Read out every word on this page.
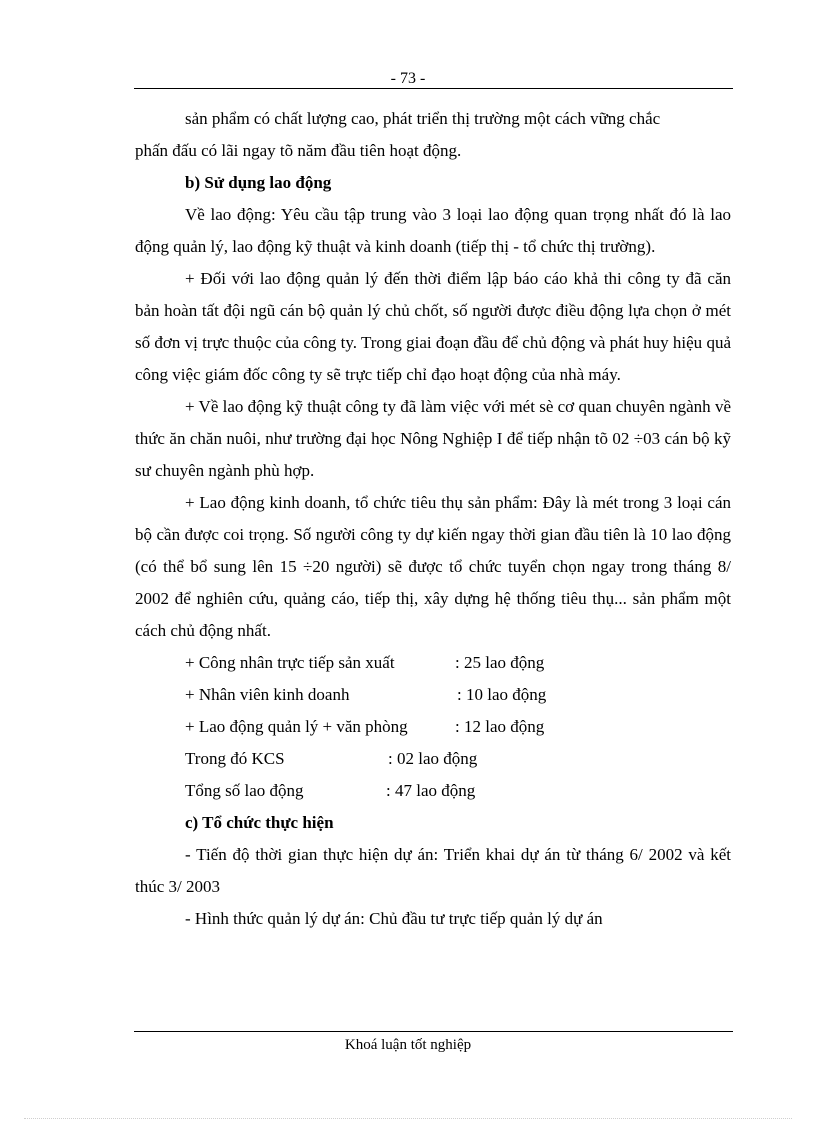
- 73 -

sản phẩm có chất lượng cao, phát triển thị trường một cách vững chắc

phấn đấu có lãi ngay tõ năm đầu tiên hoạt động.

b) Sử dụng lao động

Về lao động: Yêu cầu tập trung vào 3 loại lao động quan trọng nhất đó là lao động quản lý, lao động kỹ thuật và kinh doanh (tiếp thị - tổ chức thị trường).

+ Đối với lao động quản lý đến thời điểm lập báo cáo khả thi công ty đã căn bản hoàn tất đội ngũ cán bộ quản lý chủ chốt, số người được điều động lựa chọn ở mét số đơn vị trực thuộc của công ty. Trong giai đoạn đầu để chủ động và phát huy hiệu quả công việc giám đốc công ty sẽ trực tiếp chỉ đạo hoạt động của nhà máy.

+ Về lao động kỹ thuật công ty đã làm việc với mét sè cơ quan chuyên ngành về thức ăn chăn nuôi, như trường đại học Nông Nghiệp I để tiếp nhận tõ 02 ÷03 cán bộ kỹ sư chuyên ngành phù hợp.

+ Lao động kinh doanh, tổ chức tiêu thụ sản phẩm: Đây là mét trong 3 loại cán bộ cần được coi trọng. Số người công ty dự kiến ngay thời gian đầu tiên là 10 lao động (có thể bổ sung lên 15 ÷20 người) sẽ được tổ chức tuyển chọn ngay trong tháng 8/ 2002 để nghiên cứu, quảng cáo, tiếp thị, xây dựng hệ thống tiêu thụ... sản phẩm một cách chủ động nhất.

+ Công nhân trực tiếp sản xuất	: 25 lao động
+ Nhân viên kinh doanh	: 10 lao động
+ Lao động quản lý + văn phòng	: 12 lao động
Trong đó KCS	: 02 lao động
Tổng số lao động	: 47 lao động

c) Tổ chức thực hiện

- Tiến độ thời gian thực hiện dự án: Triển khai dự án từ tháng 6/ 2002 và kết thúc 3/ 2003

- Hình thức quản lý dự án: Chủ đầu tư trực tiếp quản lý dự án

Khoá luận tốt nghiệp
